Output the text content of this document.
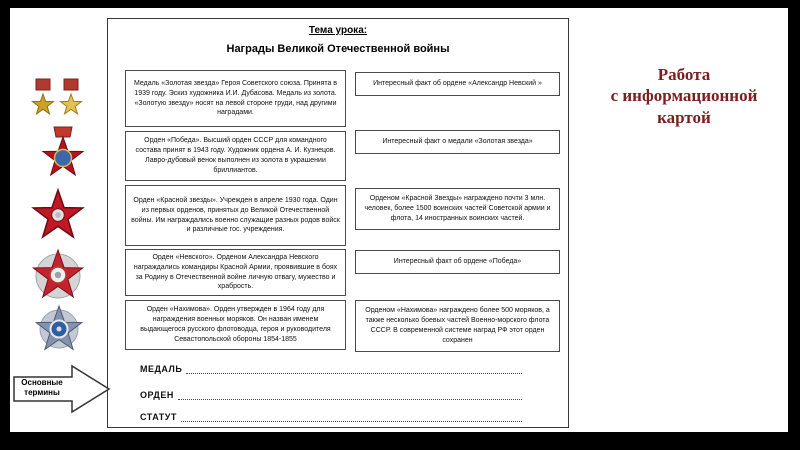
Работа
с информационной картой
Тема урока:
Награды Великой Отечественной войны
Медаль «Золотая звезда» Героя Советского союза. Принята в 1939 году. Эскиз художника И.И. Дубасова. Медаль из золота. «Золотую звезду» носят на левой стороне груди, над другими наградами.
Орден «Победа». Высший орден СССР для командного состава принят в 1943 году. Художник ордена А. И. Кузнецов. Лавро-дубовый венок выполнен из золота в украшении бриллиантов.
Орден «Красной звезды». Учрежден в апреле 1930 года. Один из первых орденов, принятых до Великой Отечественной войны. Им награждались военно служащие разных родов войск и различные гос. учреждения.
Орден «Невского». Орденом Александра Невского награждались командиры Красной Армии, проявившие в боях за Родину в Отечественной войне личную отвагу, мужество и храбрость.
Орден «Нахимова». Орден утвержден в 1964 году для награждения военных моряков. Он назван именем выдающегося русского флотоводца, героя и руководителя Севастопольской обороны 1854-1855
Интересный факт об ордене «Александр Невский »
Интересный факт о медали «Золотая звезда»
Орденом «Красной Звезды» награждено почти 3 млн. человек, более 1500 воинских частей Советской армии и флота, 14 иностранных воинских частей.
Интересный факт об ордене «Победа»
Орденом «Нахимова» награждено более 500 моряков, а также несколько боевых частей Военно-морского флота СССР. В современной системе наград РФ этот орден сохранен
Основные термины
МЕДАЛЬ
ОРДЕН
СТАТУТ
